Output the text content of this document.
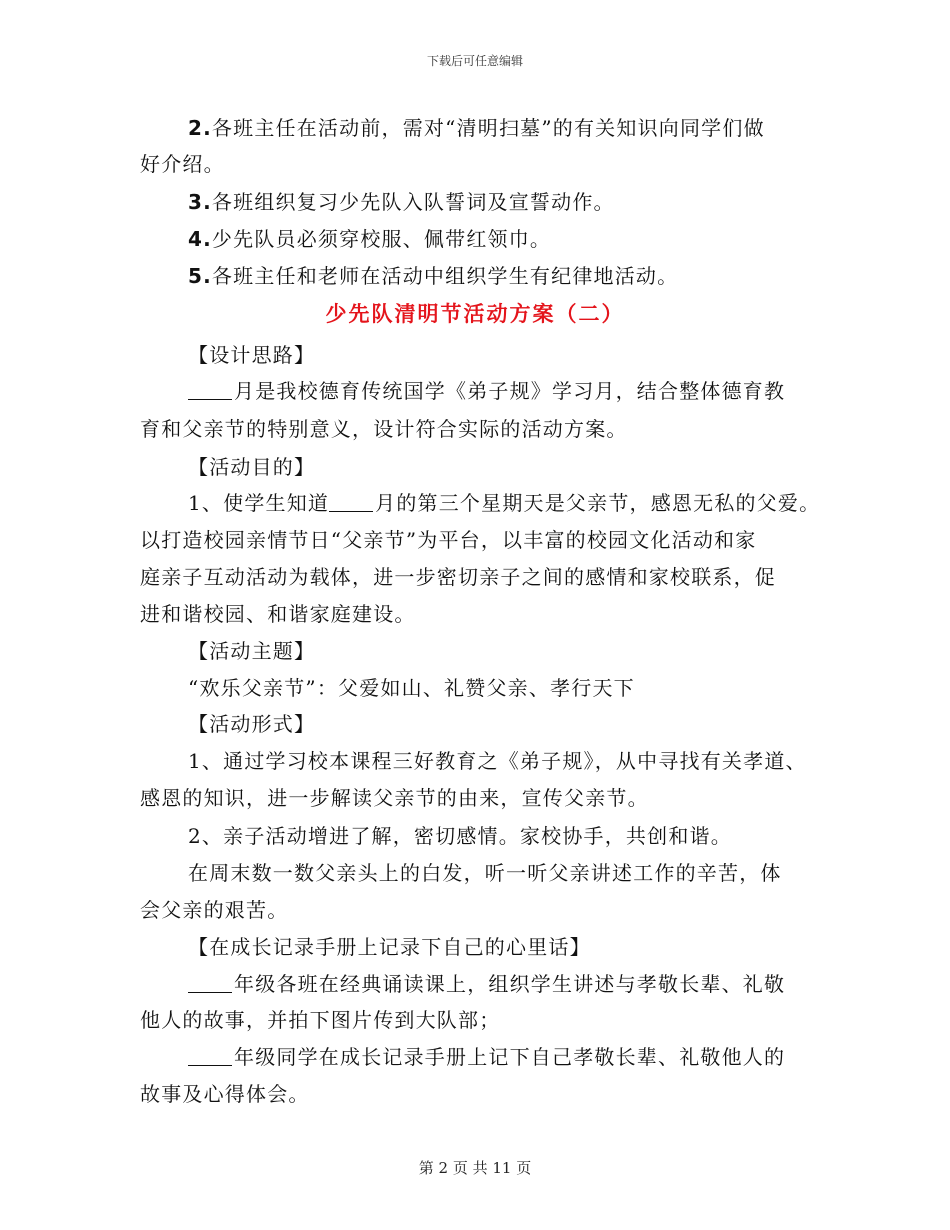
下载后可任意编辑
2.各班主任在活动前，需对“清明扫墓”的有关知识向同学们做
好介绍。
3.各班组织复习少先队入队誓词及宣誓动作。
4.少先队员必须穿校服、佩带红领巾。
5.各班主任和老师在活动中组织学生有纪律地活动。
少先队清明节活动方案（二）
【设计思路】
月是我校德育传统国学《弟子规》学习月，结合整体德育教
育和父亲节的特别意义，设计符合实际的活动方案。
【活动目的】
1、使学生知道 月的第三个星期天是父亲节，感恩无私的父爱。
以打造校园亲情节日“父亲节”为平台，以丰富的校园文化活动和家
庭亲子互动活动为载体，进一步密切亲子之间的感情和家校联系，促
进和谐校园、和谐家庭建设。
【活动主题】
“欢乐父亲节”：父爱如山、礼赞父亲、孝行天下
【活动形式】
1、通过学习校本课程三好教育之《弟子规》，从中寻找有关孝道、
感恩的知识，进一步解读父亲节的由来，宣传父亲节。
2、亲子活动增进了解，密切感情。家校协手，共创和谐。
在周末数一数父亲头上的白发，听一听父亲讲述工作的辛苦，体
会父亲的艰苦。
【在成长记录手册上记录下自己的心里话】
年级各班在经典诵读课上，组织学生讲述与孝敬长辈、礼敬
他人的故事，并拍下图片传到大队部；
年级同学在成长记录手册上记下自己孝敬长辈、礼敬他人的
故事及心得体会。
第 2 页 共 11 页
